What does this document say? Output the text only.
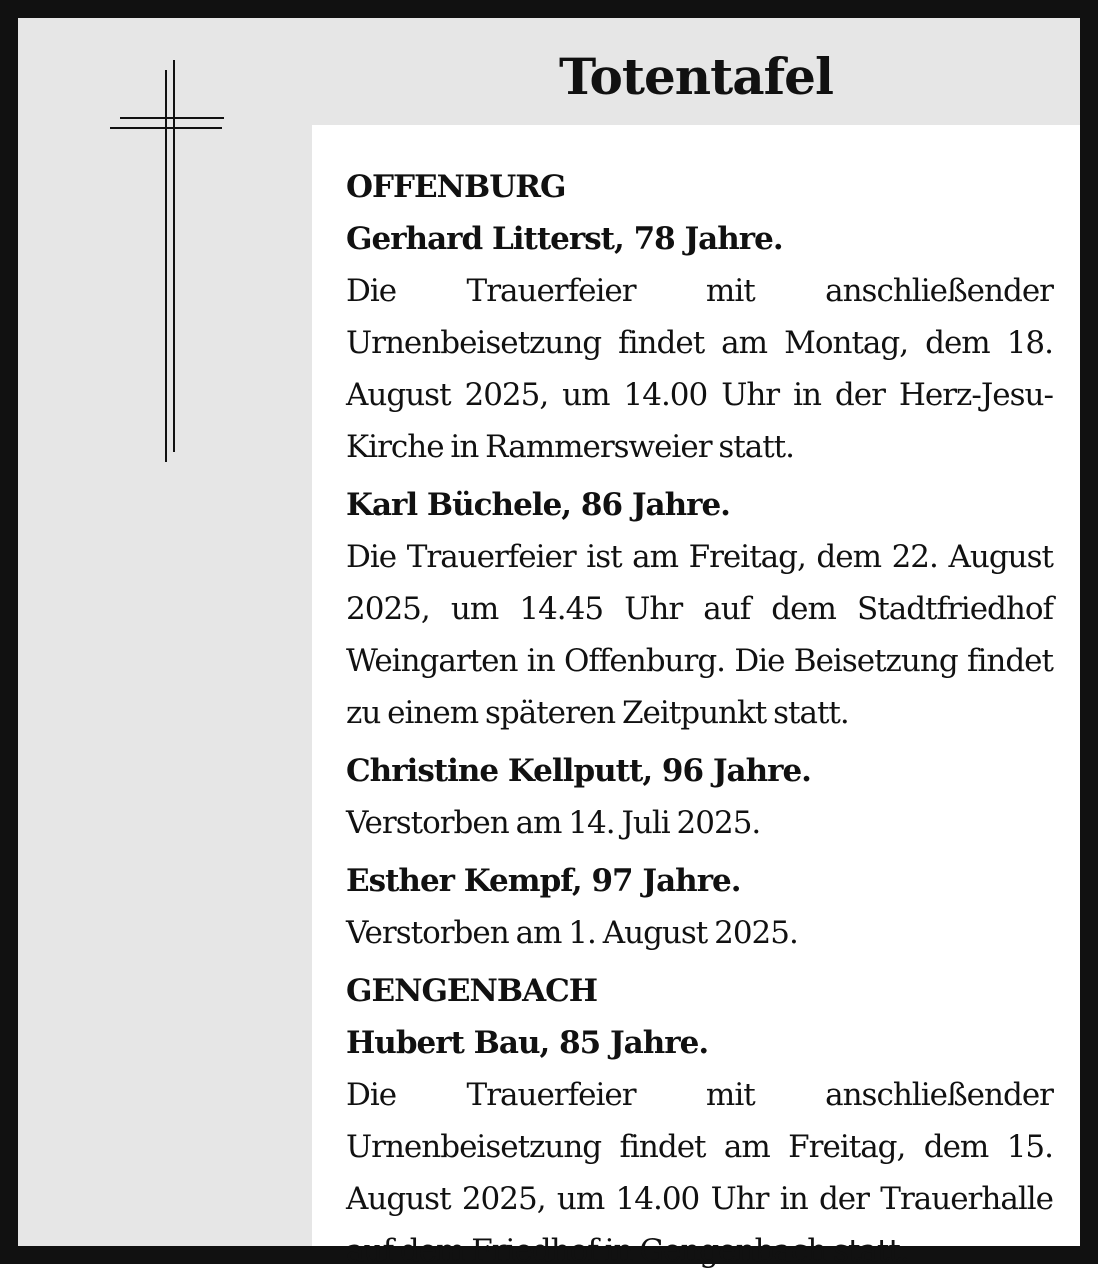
Totentafel
OFFENBURG
Gerhard Litterst, 78 Jahre.
Die Trauerfeier mit anschließender Urnenbeisetzung findet am Montag, dem 18. August 2025, um 14.00 Uhr in der Herz-Jesu-Kirche in Rammersweier statt.
Karl Büchele, 86 Jahre.
Die Trauerfeier ist am Freitag, dem 22. August 2025, um 14.45 Uhr auf dem Stadtfriedhof Weingarten in Offenburg. Die Beisetzung findet zu einem späteren Zeitpunkt statt.
Christine Kellputt, 96 Jahre.
Verstorben am 14. Juli 2025.
Esther Kempf, 97 Jahre.
Verstorben am 1. August 2025.
GENGENBACH
Hubert Bau, 85 Jahre.
Die Trauerfeier mit anschließender Urnenbeisetzung findet am Freitag, dem 15. August 2025, um 14.00 Uhr in der Trauerhalle auf dem Friedhof in Gengenbach statt.
